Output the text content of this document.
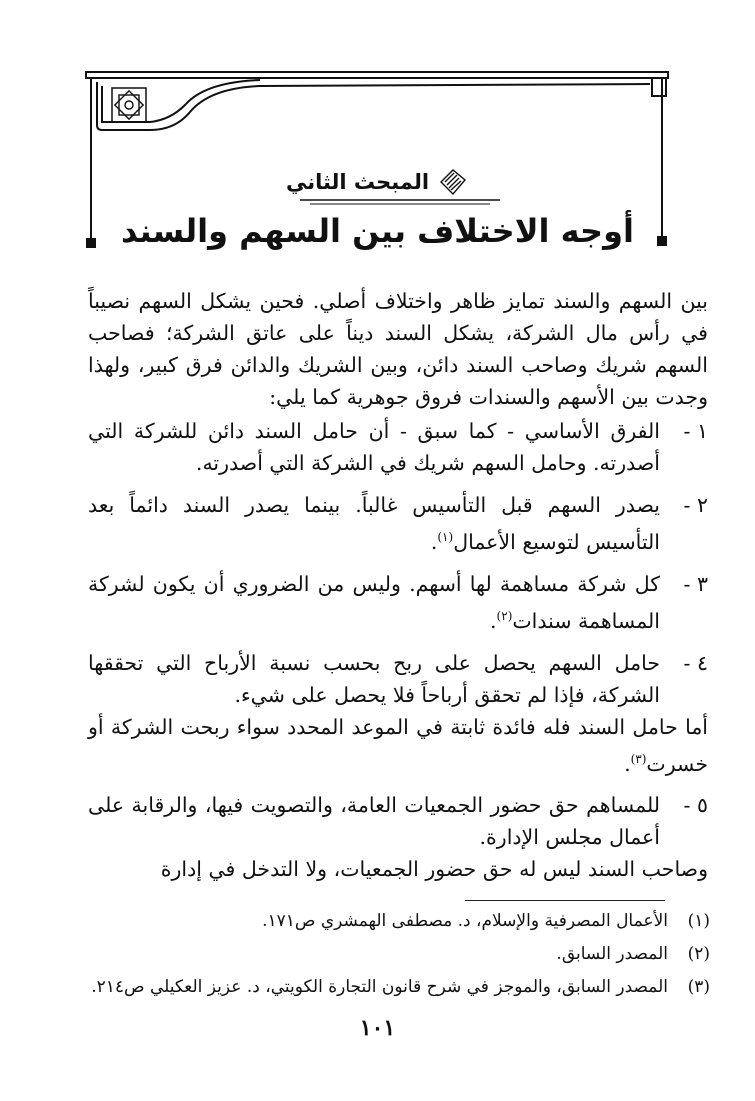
المبحث الثاني
أوجه الاختلاف بين السهم والسند

بين السهم والسند تمايز ظاهر واختلاف أصلي. فحين يشكل السهم نصيباً في رأس مال الشركة، يشكل السند ديناً على عاتق الشركة؛ فصاحب السهم شريك وصاحب السند دائن، وبين الشريك والدائن فرق كبير، ولهذا وجدت بين الأسهم والسندات فروق جوهرية كما يلي:

١ -

الفرق الأساسي - كما سبق - أن حامل السند دائن للشركة التي أصدرته. وحامل السهم شريك في الشركة التي أصدرته.

٢ -

يصدر السهم قبل التأسيس غالباً. بينما يصدر السند دائماً بعد التأسيس لتوسيع الأعمال$^{(١)}$.

٣ -

كل شركة مساهمة لها أسهم. وليس من الضروري أن يكون لشركة المساهمة سندات$^{(٢)}$.

٤ -

حامل السهم يحصل على ربح بحسب نسبة الأرباح التي تحققها الشركة، فإذا لم تحقق أرباحاً فلا يحصل على شيء.

أما حامل السند فله فائدة ثابتة في الموعد المحدد سواء ربحت الشركة أو خسرت$^{(٣)}$.

٥ -

للمساهم حق حضور الجمعيات العامة، والتصويت فيها، والرقابة على أعمال مجلس الإدارة.

وصاحب السند ليس له حق حضور الجمعيات، ولا التدخل في إدارة

(١)
الأعمال المصرفية والإسلام، د. مصطفى الهمشري ص١٧١.
(٢)
المصدر السابق.
(٣)
المصدر السابق، والموجز في شرح قانون التجارة الكويتي، د. عزيز العكيلي ص٢١٤.
١٠١
